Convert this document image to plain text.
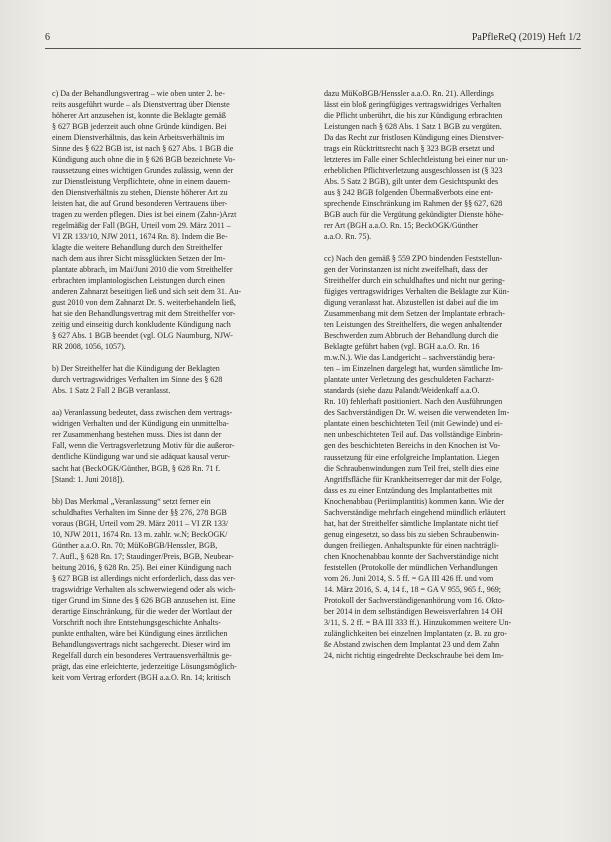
6	PaPfleReQ (2019) Heft 1/2
c) Da der Behandlungsvertrag – wie oben unter 2. be-
reits ausgeführt wurde – als Dienstvertrag über Dienste
höherer Art anzusehen ist, konnte die Beklagte gemäß
§ 627 BGB jederzeit auch ohne Gründe kündigen. Bei
einem Dienstverhältnis, das kein Arbeitsverhältnis im
Sinne des § 622 BGB ist, ist nach § 627 Abs. 1 BGB die
Kündigung auch ohne die in § 626 BGB bezeichnete Vo-
raussetzung eines wichtigen Grundes zulässig, wenn der
zur Dienstleistung Verpflichtete, ohne in einem dauern-
den Dienstverhältnis zu stehen, Dienste höherer Art zu
leisten hat, die auf Grund besonderen Vertrauens über-
tragen zu werden pflegen. Dies ist bei einem (Zahn-)Arzt
regelmäßig der Fall (BGH, Urteil vom 29. März 2011 –
VI ZR 133/10, NJW 2011, 1674 Rn. 8). Indem die Be-
klagte die weitere Behandlung durch den Streithelfer
nach dem aus ihrer Sicht missglückten Setzen der Im-
plantate abbrach, im Mai/Juni 2010 die vom Streithelfer
erbrachten implantologischen Leistungen durch einen
anderen Zahnarzt beseitigen ließ und sich seit dem 31. Au-
gust 2010 von dem Zahnarzt Dr. S. weiterbehandeln ließ,
hat sie den Behandlungsvertrag mit dem Streithelfer vor-
zeitig und einseitig durch konkludente Kündigung nach
§ 627 Abs. 1 BGB beendet (vgl. OLG Naumburg, NJW-
RR 2008, 1056, 1057).
b) Der Streithelfer hat die Kündigung der Beklagten
durch vertragswidriges Verhalten im Sinne des § 628
Abs. 1 Satz 2 Fall 2 BGB veranlasst.
aa) Veranlassung bedeutet, dass zwischen dem vertrags-
widrigen Verhalten und der Kündigung ein unmittelba-
rer Zusammenhang bestehen muss. Dies ist dann der
Fall, wenn die Vertragsverletzung Motiv für die außeror-
dentliche Kündigung war und sie adäquat kausal verur-
sacht hat (BeckOGK/Günther, BGB, § 628 Rn. 71 f.
[Stand: 1. Juni 2018]).
bb) Das Merkmal „Veranlassung“ setzt ferner ein
schuldhaftes Verhalten im Sinne der §§ 276, 278 BGB
voraus (BGH, Urteil vom 29. März 2011 – VI ZR 133/
10, NJW 2011, 1674 Rn. 13 m. zahlr. w.N; BeckOGK/
Günther a.a.O. Rn. 70; MüKoBGB/Henssler, BGB,
7. Aufl., § 628 Rn. 17; Staudinger/Preis, BGB, Neubear-
beitung 2016, § 628 Rn. 25). Bei einer Kündigung nach
§ 627 BGB ist allerdings nicht erforderlich, dass das ver-
tragswidrige Verhalten als schwerwiegend oder als wich-
tiger Grund im Sinne des § 626 BGB anzusehen ist. Eine
derartige Einschränkung, für die weder der Wortlaut der
Vorschrift noch ihre Entstehungsgeschichte Anhalts-
punkte enthalten, wäre bei Kündigung eines ärztlichen
Behandlungsvertrags nicht sachgerecht. Dieser wird im
Regelfall durch ein besonderes Vertrauensverhältnis ge-
prägt, das eine erleichterte, jederzeitige Lösungsmöglich-
keit vom Vertrag erfordert (BGH a.a.O. Rn. 14; kritisch
dazu MüKoBGB/Henssler a.a.O. Rn. 21). Allerdings
lässt ein bloß geringfügiges vertragswidriges Verhalten
die Pflicht unberührt, die bis zur Kündigung erbrachten
Leistungen nach § 628 Abs. 1 Satz 1 BGB zu vergüten.
Da das Recht zur fristlosen Kündigung eines Dienstver-
trags ein Rücktrittsrecht nach § 323 BGB ersetzt und
letzteres im Falle einer Schlechtleistung bei einer nur un-
erheblichen Pflichtverletzung ausgeschlossen ist (§ 323
Abs. 5 Satz 2 BGB), gilt unter dem Gesichtspunkt des
aus § 242 BGB folgenden Übermaßverbots eine ent-
sprechende Einschränkung im Rahmen der §§ 627, 628
BGB auch für die Vergütung gekündigter Dienste höhe-
rer Art (BGH a.a.O. Rn. 15; BeckOGK/Günther
a.a.O. Rn. 75).
cc) Nach den gemäß § 559 ZPO bindenden Feststellun-
gen der Vorinstanzen ist nicht zweifelhaft, dass der
Streithelfer durch ein schuldhaftes und nicht nur gering-
fügiges vertragswidriges Verhalten die Beklagte zur Kün-
digung veranlasst hat. Abzustellen ist dabei auf die im
Zusammenhang mit dem Setzen der Implantate erbrach-
ten Leistungen des Streithelfers, die wegen anhaltender
Beschwerden zum Abbruch der Behandlung durch die
Beklagte geführt haben (vgl. BGH a.a.O. Rn. 16
m.w.N.). Wie das Landgericht – sachverständig bera-
ten – im Einzelnen dargelegt hat, wurden sämtliche Im-
plantate unter Verletzung des geschuldeten Facharzt-
standards (siehe dazu Palandt/Weidenkaff a.a.O.
Rn. 10) fehlerhaft positioniert. Nach den Ausführungen
des Sachverständigen Dr. W. weisen die verwendeten Im-
plantate einen beschichteten Teil (mit Gewinde) und ei-
nen unbeschichteten Teil auf. Das vollständige Einbrin-
gen des beschichteten Bereichs in den Knochen ist Vo-
raussetzung für eine erfolgreiche Implantation. Liegen
die Schraubenwindungen zum Teil frei, stellt dies eine
Angriffsfläche für Krankheitserreger dar mit der Folge,
dass es zu einer Entzündung des Implantatbettes mit
Knochenabbau (Periimplantitis) kommen kann. Wie der
Sachverständige mehrfach eingehend mündlich erläutert
hat, hat der Streithelfer sämtliche Implantate nicht tief
genug eingesetzt, so dass bis zu sieben Schraubenwin-
dungen freiliegen. Anhaltspunkte für einen nachträgli-
chen Knochenabbau konnte der Sachverständige nicht
feststellen (Protokolle der mündlichen Verhandlungen
vom 26. Juni 2014, S. 5 ff. = GA III 426 ff. und vom
14. März 2016, S. 4, 14 f., 18 = GA V 955, 965 f., 969;
Protokoll der Sachverständigenanhörung vom 16. Okto-
ber 2014 in dem selbständigen Beweisverfahren 14 OH
3/11, S. 2 ff. = BA III 333 ff.). Hinzukommen weitere Un-
zulänglichkeiten bei einzelnen Implantaten (z. B. zu gro-
ße Abstand zwischen dem Implantat 23 und dem Zahn
24, nicht richtig eingedrehte Deckschraube bei dem Im-
